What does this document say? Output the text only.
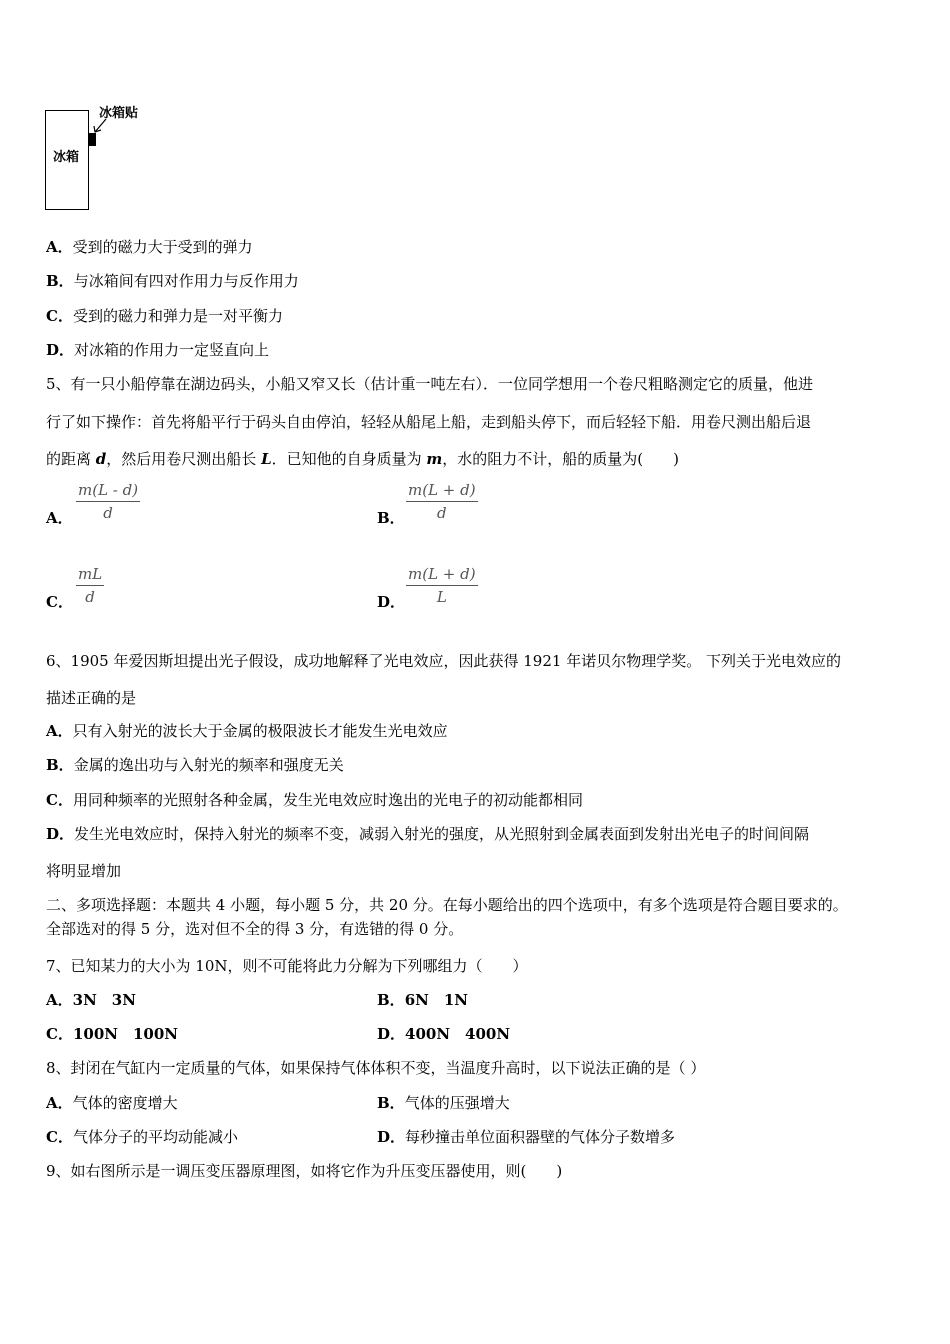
冰箱
冰箱贴
A．受到的磁力大于受到的弹力
B．与冰箱间有四对作用力与反作用力
C．受到的磁力和弹力是一对平衡力
D．对冰箱的作用力一定竖直向上
5、有一只小船停靠在湖边码头，小船又窄又长（估计重一吨左右）．一位同学想用一个卷尺粗略测定它的质量，他进
行了如下操作：首先将船平行于码头自由停泊，轻轻从船尾上船，走到船头停下，而后轻轻下船．用卷尺测出船后退
的距离 d，然后用卷尺测出船长 L．已知他的自身质量为 m，水的阻力不计，船的质量为(　　)
A． $\frac{m(L - d)}{d}$	B． $\frac{m(L + d)}{d}$
C． $\frac{mL}{d}$	D． $\frac{m(L + d)}{L}$
6、1905 年爱因斯坦提出光子假设，成功地解释了光电效应，因此获得 1921 年诺贝尔物理学奖。 下列关于光电效应的
描述正确的是
A．只有入射光的波长大于金属的极限波长才能发生光电效应
B．金属的逸出功与入射光的频率和强度无关
C．用同种频率的光照射各种金属，发生光电效应时逸出的光电子的初动能都相同
D．发生光电效应时，保持入射光的频率不变，减弱入射光的强度，从光照射到金属表面到发射出光电子的时间间隔
将明显增加
二、多项选择题：本题共 4 小题，每小题 5 分，共 20 分。在每小题给出的四个选项中，有多个选项是符合题目要求的。
全部选对的得 5 分，选对但不全的得 3 分，有选错的得 0 分。
7、已知某力的大小为 10N，则不可能将此力分解为下列哪组力（　　）
A．3N　3N	B．6N　1N
C．100N　100N	D．400N　400N
8、封闭在气缸内一定质量的气体，如果保持气体体积不变，当温度升高时，以下说法正确的是（ ）
A．气体的密度增大	B．气体的压强增大
C．气体分子的平均动能减小	D．每秒撞击单位面积器壁的气体分子数增多
9、如右图所示是一调压变压器原理图，如将它作为升压变压器使用，则(　　)
